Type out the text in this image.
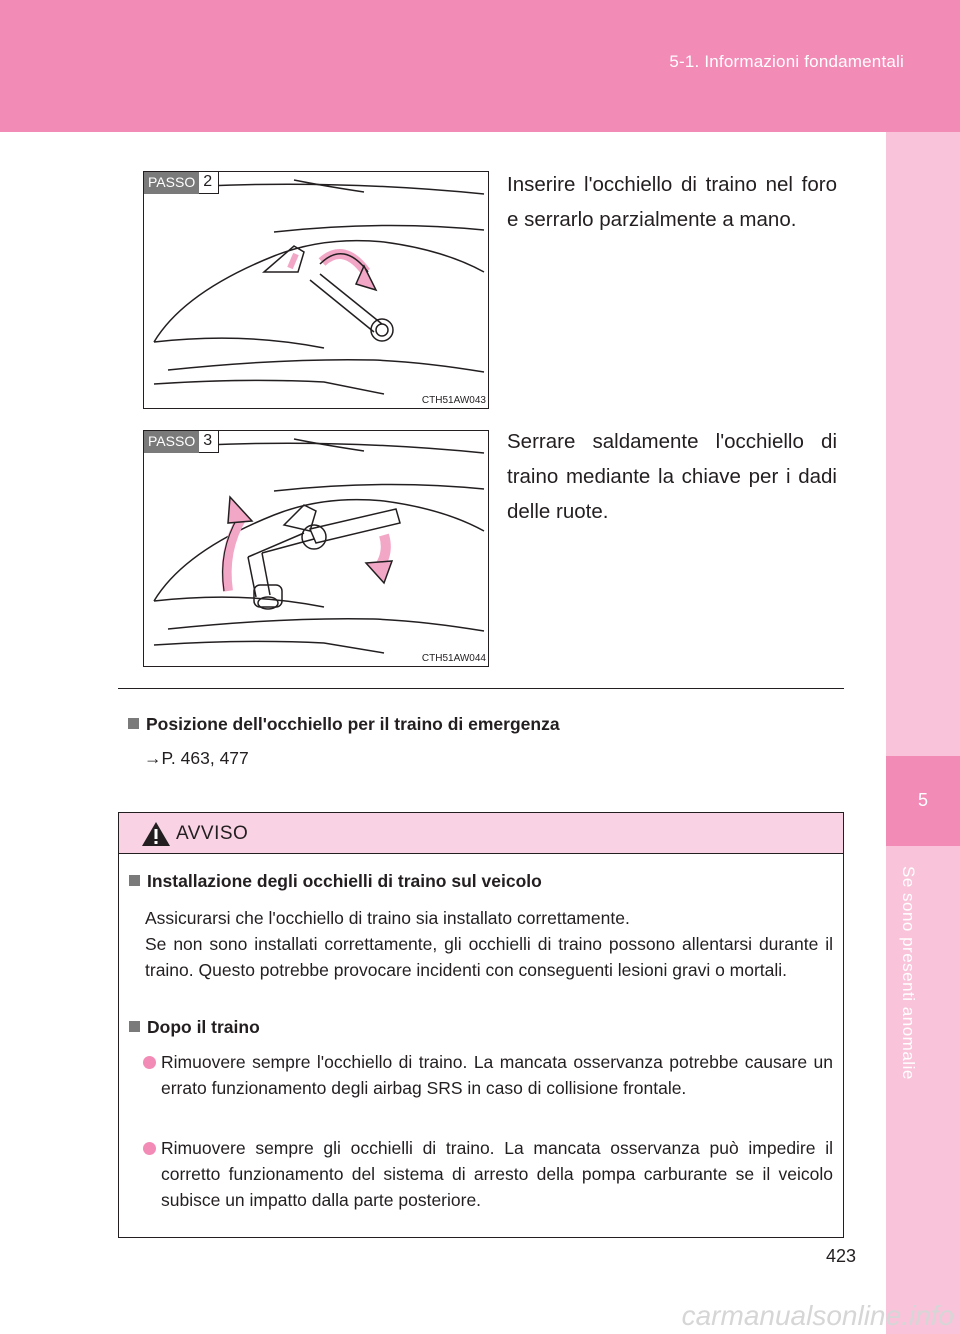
5-1. Informazioni fondamentali
5
Se sono presenti anomalie
PASSO 2
CTH51AW043
Inserire l'occhiello di traino nel foro e serrarlo parzialmente a mano.
PASSO 3
CTH51AW044
Serrare saldamente l'occhiello di traino mediante la chiave per i dadi delle ruote.
Posizione dell'occhiello per il traino di emergenza
→P. 463, 477
AVVISO
Installazione degli occhielli di traino sul veicolo
Assicurarsi che l'occhiello di traino sia installato correttamente.
Se non sono installati correttamente, gli occhielli di traino possono allentarsi durante il traino. Questo potrebbe provocare incidenti con conseguenti lesioni gravi o mortali.
Dopo il traino
Rimuovere sempre l'occhiello di traino. La mancata osservanza potrebbe causare un errato funzionamento degli airbag SRS in caso di collisione frontale.
Rimuovere sempre gli occhielli di traino. La mancata osservanza può impedire il corretto funzionamento del sistema di arresto della pompa carburante se il veicolo subisce un impatto dalla parte posteriore.
423
carmanualsonline.info
